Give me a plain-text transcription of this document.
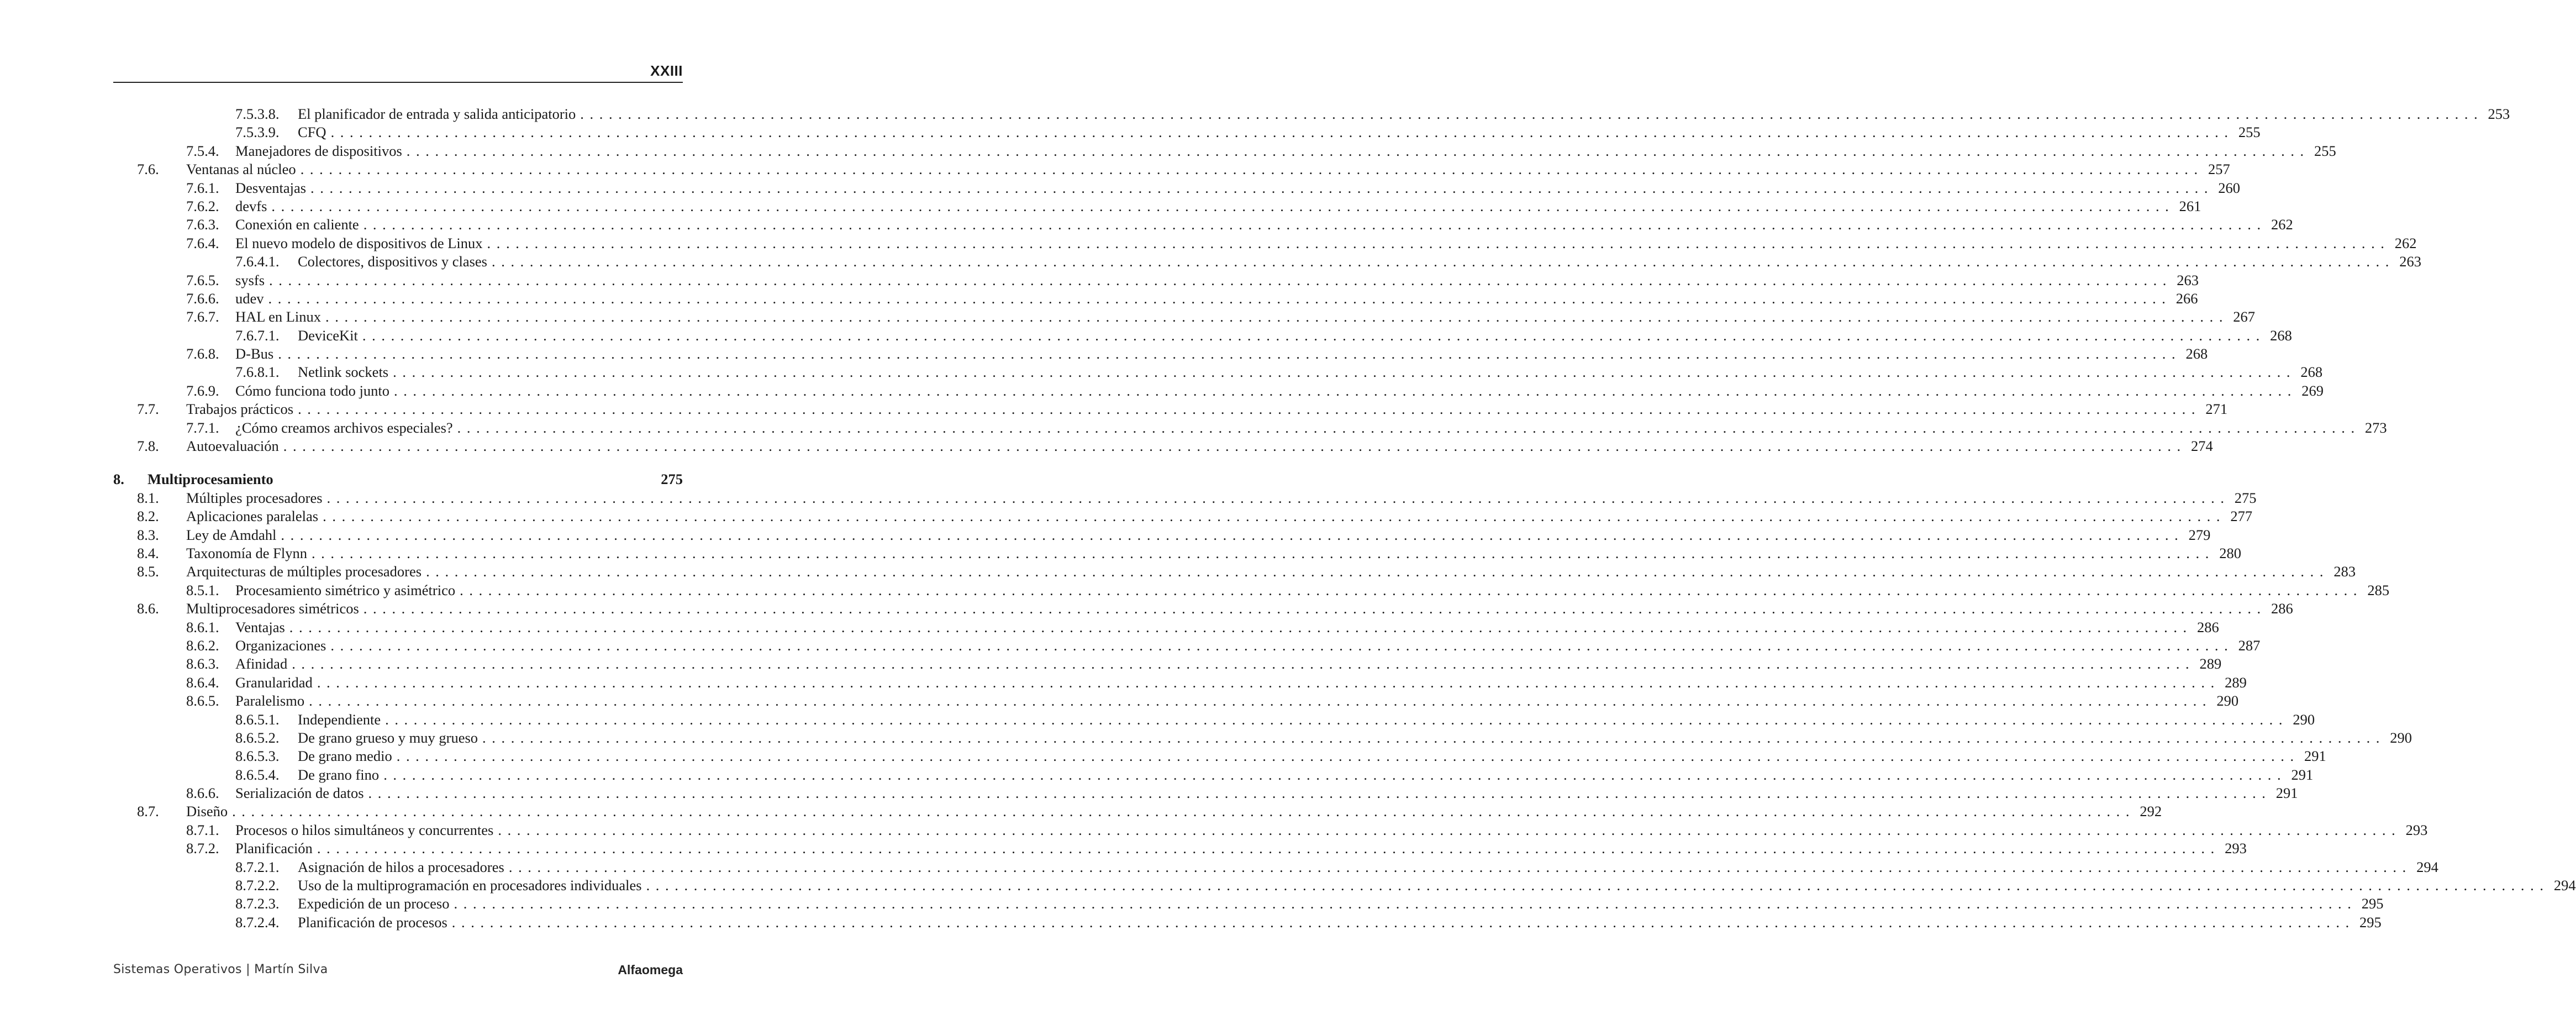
XXIII
7.5.3.8.	El planificador de entrada y salida anticipatorio ........................................................................................................................................................................................................ 253
7.5.3.9.	CFQ ........................................................................................................................................................................................................ 255
7.5.4.	Manejadores de dispositivos ........................................................................................................................................................................................................ 255
7.6.	Ventanas al núcleo ........................................................................................................................................................................................................ 257
7.6.1.	Desventajas ........................................................................................................................................................................................................ 260
7.6.2.	devfs ........................................................................................................................................................................................................ 261
7.6.3.	Conexión en caliente ........................................................................................................................................................................................................ 262
7.6.4.	El nuevo modelo de dispositivos de Linux ........................................................................................................................................................................................................ 262
7.6.4.1.	Colectores, dispositivos y clases ........................................................................................................................................................................................................ 263
7.6.5.	sysfs ........................................................................................................................................................................................................ 263
7.6.6.	udev ........................................................................................................................................................................................................ 266
7.6.7.	HAL en Linux ........................................................................................................................................................................................................ 267
7.6.7.1.	DeviceKit ........................................................................................................................................................................................................ 268
7.6.8.	D-Bus ........................................................................................................................................................................................................ 268
7.6.8.1.	Netlink sockets ........................................................................................................................................................................................................ 268
7.6.9.	Cómo funciona todo junto ........................................................................................................................................................................................................ 269
7.7.	Trabajos prácticos ........................................................................................................................................................................................................ 271
7.7.1.	¿Cómo creamos archivos especiales? ........................................................................................................................................................................................................ 273
7.8.	Autoevaluación ........................................................................................................................................................................................................ 274
8.	Multiprocesamiento	275
8.1.	Múltiples procesadores ........................................................................................................................................................................................................ 275
8.2.	Aplicaciones paralelas ........................................................................................................................................................................................................ 277
8.3.	Ley de Amdahl ........................................................................................................................................................................................................ 279
8.4.	Taxonomía de Flynn ........................................................................................................................................................................................................ 280
8.5.	Arquitecturas de múltiples procesadores ........................................................................................................................................................................................................ 283
8.5.1.	Procesamiento simétrico y asimétrico ........................................................................................................................................................................................................ 285
8.6.	Multiprocesadores simétricos ........................................................................................................................................................................................................ 286
8.6.1.	Ventajas ........................................................................................................................................................................................................ 286
8.6.2.	Organizaciones ........................................................................................................................................................................................................ 287
8.6.3.	Afinidad ........................................................................................................................................................................................................ 289
8.6.4.	Granularidad ........................................................................................................................................................................................................ 289
8.6.5.	Paralelismo ........................................................................................................................................................................................................ 290
8.6.5.1.	Independiente ........................................................................................................................................................................................................ 290
8.6.5.2.	De grano grueso y muy grueso ........................................................................................................................................................................................................ 290
8.6.5.3.	De grano medio ........................................................................................................................................................................................................ 291
8.6.5.4.	De grano fino ........................................................................................................................................................................................................ 291
8.6.6.	Serialización de datos ........................................................................................................................................................................................................ 291
8.7.	Diseño ........................................................................................................................................................................................................ 292
8.7.1.	Procesos o hilos simultáneos y concurrentes ........................................................................................................................................................................................................ 293
8.7.2.	Planificación ........................................................................................................................................................................................................ 293
8.7.2.1.	Asignación de hilos a procesadores ........................................................................................................................................................................................................ 294
8.7.2.2.	Uso de la multiprogramación en procesadores individuales ........................................................................................................................................................................................................ 294
8.7.2.3.	Expedición de un proceso ........................................................................................................................................................................................................ 295
8.7.2.4.	Planificación de procesos ........................................................................................................................................................................................................ 295
Sistemas Operativos | Martín Silva	Alfaomega
